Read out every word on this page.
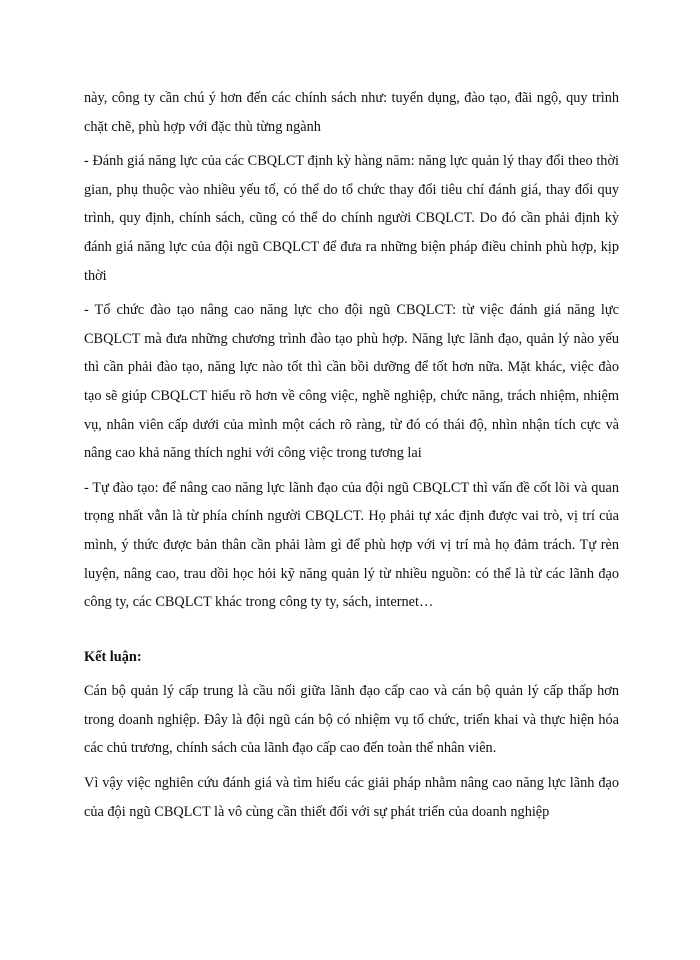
này, công ty cần chú ý hơn đến các chính sách như: tuyển dụng, đào tạo, đãi ngộ, quy trình chặt chẽ, phù hợp với đặc thù từng ngành

- Đánh giá năng lực của các CBQLCT định kỳ hàng năm: năng lực quản lý thay đổi theo thời gian, phụ thuộc vào nhiều yếu tố, có thể do tổ chức thay đổi tiêu chí đánh giá, thay đổi quy trình, quy định, chính sách, cũng có thể do chính người CBQLCT. Do đó cần phải định kỳ đánh giá năng lực của đội ngũ CBQLCT để đưa ra những biện pháp điều chỉnh phù hợp, kịp thời

- Tổ chức đào tạo nâng cao năng lực cho đội ngũ CBQLCT: từ việc đánh giá năng lực CBQLCT mà đưa những chương trình đào tạo phù hợp. Năng lực lãnh đạo, quản lý nào yếu thì cần phải đào tạo, năng lực nào tốt thì cần bồi dưỡng để tốt hơn nữa. Mặt khác, việc đào tạo sẽ giúp CBQLCT hiểu rõ hơn về công việc, nghề nghiệp, chức năng, trách nhiệm, nhiệm vụ, nhân viên cấp dưới của mình một cách rõ ràng, từ đó có thái độ, nhìn nhận tích cực và nâng cao khả năng thích nghi với công việc trong tương lai

- Tự đào tạo: để nâng cao năng lực lãnh đạo của đội ngũ CBQLCT thì vấn đề cốt lõi và quan trọng nhất vẫn là từ phía chính người CBQLCT. Họ phải tự xác định được vai trò, vị trí của mình, ý thức được bản thân cần phải làm gì để phù hợp với vị trí mà họ đảm trách. Tự rèn luyện, nâng cao, trau dồi học hỏi kỹ năng quản lý từ nhiều nguồn: có thể là từ các lãnh đạo công ty, các CBQLCT khác trong công ty ty, sách, internet…

Kết luận:

Cán bộ quản lý cấp trung là cầu nối giữa lãnh đạo cấp cao và cán bộ quản lý cấp thấp hơn trong doanh nghiệp. Đây là đội ngũ cán bộ có nhiệm vụ tổ chức, triển khai và thực hiện hóa các chủ trương, chính sách của lãnh đạo cấp cao đến toàn thể nhân viên.

Vì vậy việc nghiên cứu đánh giá và tìm hiểu các giải pháp nhằm nâng cao năng lực lãnh đạo của đội ngũ CBQLCT là vô cùng cần thiết đối với sự phát triển của doanh nghiệp
